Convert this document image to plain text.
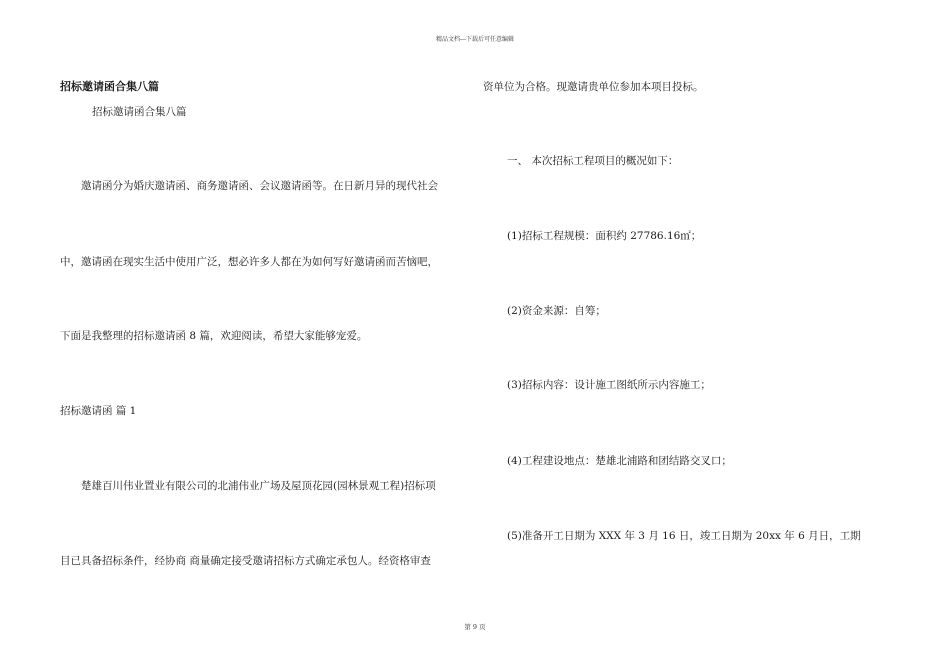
精品文档---下载后可任意编辑
招标邀请函合集八篇
招标邀请函合集八篇
邀请函分为婚庆邀请函、商务邀请函、会议邀请函等。在日新月异的现代社会
中，邀请函在现实生活中使用广泛，想必许多人都在为如何写好邀请函而苦恼吧，
下面是我整理的招标邀请函 8 篇，欢迎阅读，希望大家能够宠爱。
招标邀请函 篇 1
楚雄百川伟业置业有限公司的北浦伟业广场及屋顶花园(园林景观工程)招标项
目已具备招标条件，经协商 商量确定接受邀请招标方式确定承包人。经资格审查
资单位为合格。现邀请贵单位参加本项目投标。
一、 本次招标工程项目的概况如下：
(1)招标工程规模：面积约 27786.16㎡；
(2)资金来源：自筹；
(3)招标内容：设计施工图纸所示内容施工；
(4)工程建设地点：楚雄北浦路和团结路交叉口；
(5)准备开工日期为 XXX 年 3 月 16 日，竣工日期为 20xx 年 6 月日，工期
第 9 页
